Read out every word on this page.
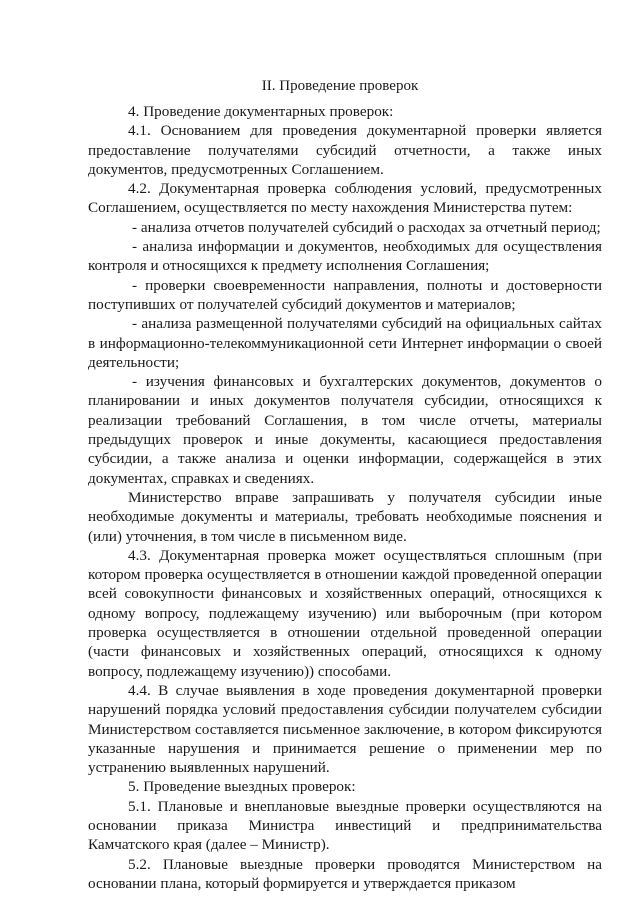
II. Проведение проверок

4. Проведение документарных проверок:

4.1. Основанием для проведения документарной проверки является предоставление получателями субсидий отчетности, а также иных документов, предусмотренных Соглашением.

4.2. Документарная проверка соблюдения условий, предусмотренных Соглашением, осуществляется по месту нахождения Министерства путем:

- анализа отчетов получателей субсидий о расходах за отчетный период;

- анализа информации и документов, необходимых для осуществления контроля и относящихся к предмету исполнения Соглашения;

- проверки своевременности направления, полноты и достоверности поступивших от получателей субсидий документов и материалов;

- анализа размещенной получателями субсидий на официальных сайтах в информационно-телекоммуникационной сети Интернет информации о своей деятельности;

- изучения финансовых и бухгалтерских документов, документов о планировании и иных документов получателя субсидии, относящихся к реализации требований Соглашения, в том числе отчеты, материалы предыдущих проверок и иные документы, касающиеся предоставления субсидии, а также анализа и оценки информации, содержащейся в этих документах, справках и сведениях.

Министерство вправе запрашивать у получателя субсидии иные необходимые документы и материалы, требовать необходимые пояснения и (или) уточнения, в том числе в письменном виде.

4.3. Документарная проверка может осуществляться сплошным (при котором проверка осуществляется в отношении каждой проведенной операции всей совокупности финансовых и хозяйственных операций, относящихся к одному вопросу, подлежащему изучению) или выборочным (при котором проверка осуществляется в отношении отдельной проведенной операции (части финансовых и хозяйственных операций, относящихся к одному вопросу, подлежащему изучению)) способами.

4.4. В случае выявления в ходе проведения документарной проверки нарушений порядка условий предоставления субсидии получателем субсидии Министерством составляется письменное заключение, в котором фиксируются указанные нарушения и принимается решение о применении мер по устранению выявленных нарушений.

5. Проведение выездных проверок:

5.1. Плановые и внеплановые выездные проверки осуществляются на основании приказа Министра инвестиций и предпринимательства Камчатского края (далее – Министр).

5.2. Плановые выездные проверки проводятся Министерством на основании плана, который формируется и утверждается приказом
